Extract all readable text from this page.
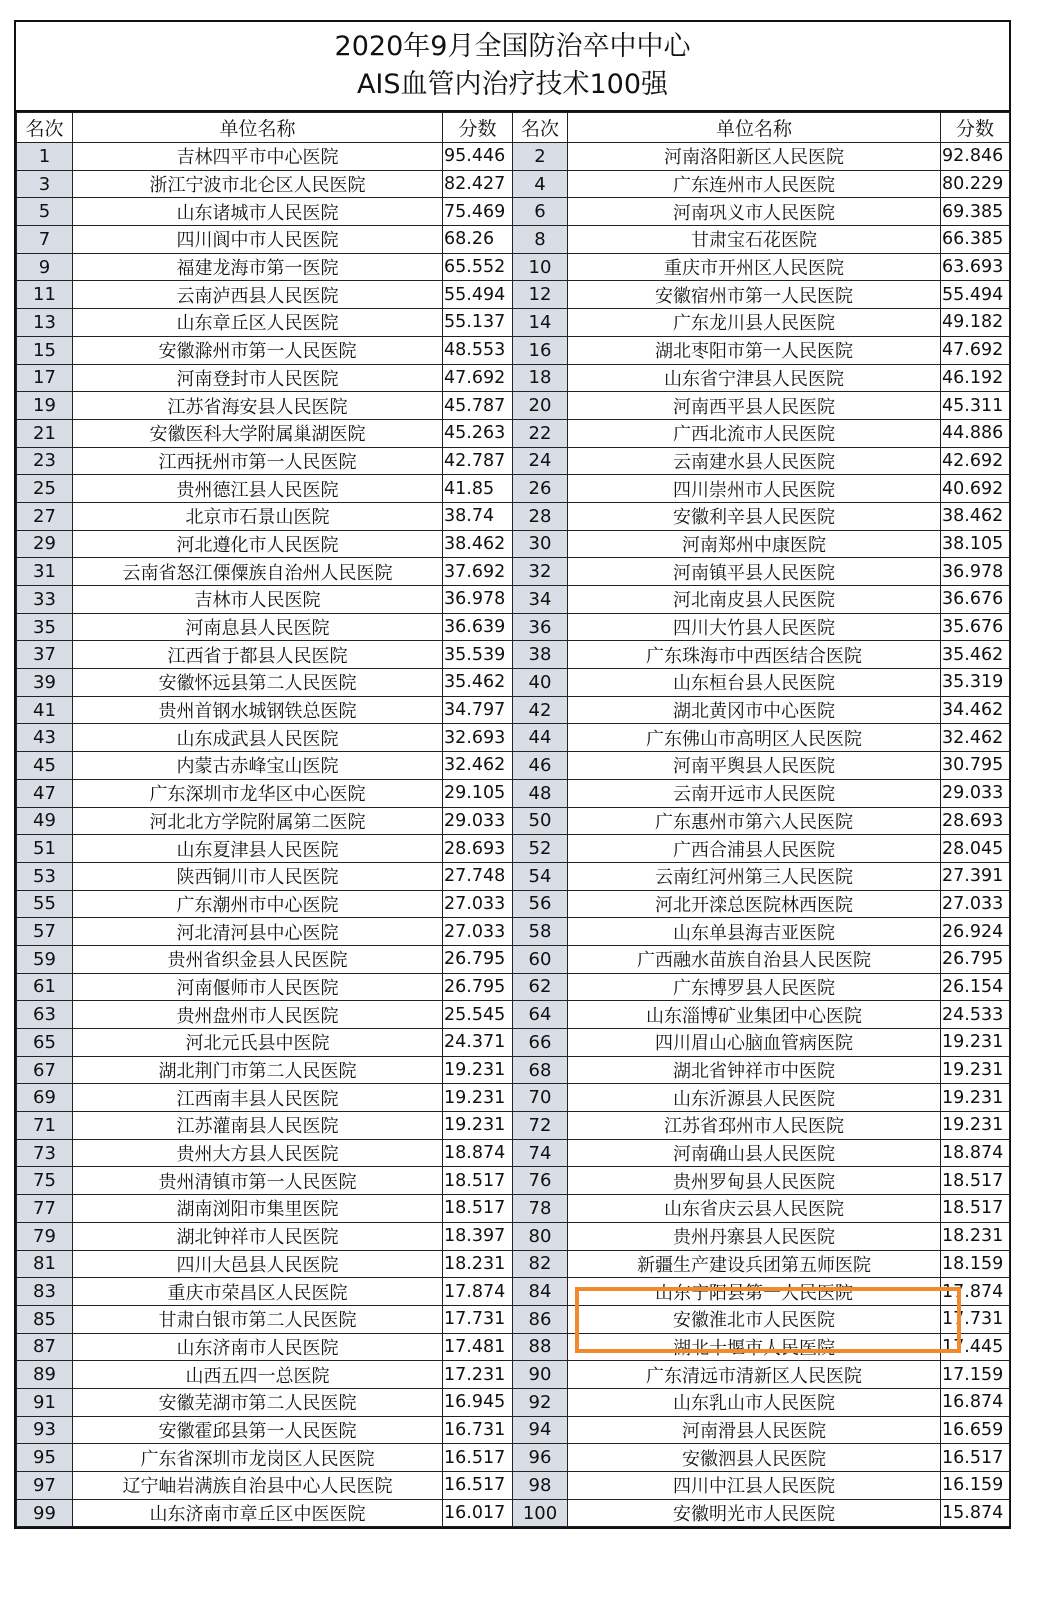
2020年9月全国防治卒中中心
AIS血管内治疗技术100强
名次	单位名称	分数	名次	单位名称	分数
1	吉林四平市中心医院	95.446	2	河南洛阳新区人民医院	92.846
3	浙江宁波市北仑区人民医院	82.427	4	广东连州市人民医院	80.229
5	山东诸城市人民医院	75.469	6	河南巩义市人民医院	69.385
7	四川阆中市人民医院	68.26	8	甘肃宝石花医院	66.385
9	福建龙海市第一医院	65.552	10	重庆市开州区人民医院	63.693
11	云南泸西县人民医院	55.494	12	安徽宿州市第一人民医院	55.494
13	山东章丘区人民医院	55.137	14	广东龙川县人民医院	49.182
15	安徽滁州市第一人民医院	48.553	16	湖北枣阳市第一人民医院	47.692
17	河南登封市人民医院	47.692	18	山东省宁津县人民医院	46.192
19	江苏省海安县人民医院	45.787	20	河南西平县人民医院	45.311
21	安徽医科大学附属巢湖医院	45.263	22	广西北流市人民医院	44.886
23	江西抚州市第一人民医院	42.787	24	云南建水县人民医院	42.692
25	贵州德江县人民医院	41.85	26	四川崇州市人民医院	40.692
27	北京市石景山医院	38.74	28	安徽利辛县人民医院	38.462
29	河北遵化市人民医院	38.462	30	河南郑州中康医院	38.105
31	云南省怒江傈僳族自治州人民医院	37.692	32	河南镇平县人民医院	36.978
33	吉林市人民医院	36.978	34	河北南皮县人民医院	36.676
35	河南息县人民医院	36.639	36	四川大竹县人民医院	35.676
37	江西省于都县人民医院	35.539	38	广东珠海市中西医结合医院	35.462
39	安徽怀远县第二人民医院	35.462	40	山东桓台县人民医院	35.319
41	贵州首钢水城钢铁总医院	34.797	42	湖北黄冈市中心医院	34.462
43	山东成武县人民医院	32.693	44	广东佛山市高明区人民医院	32.462
45	内蒙古赤峰宝山医院	32.462	46	河南平舆县人民医院	30.795
47	广东深圳市龙华区中心医院	29.105	48	云南开远市人民医院	29.033
49	河北北方学院附属第二医院	29.033	50	广东惠州市第六人民医院	28.693
51	山东夏津县人民医院	28.693	52	广西合浦县人民医院	28.045
53	陕西铜川市人民医院	27.748	54	云南红河州第三人民医院	27.391
55	广东潮州市中心医院	27.033	56	河北开滦总医院林西医院	27.033
57	河北清河县中心医院	27.033	58	山东单县海吉亚医院	26.924
59	贵州省织金县人民医院	26.795	60	广西融水苗族自治县人民医院	26.795
61	河南偃师市人民医院	26.795	62	广东博罗县人民医院	26.154
63	贵州盘州市人民医院	25.545	64	山东淄博矿业集团中心医院	24.533
65	河北元氏县中医院	24.371	66	四川眉山心脑血管病医院	19.231
67	湖北荆门市第二人民医院	19.231	68	湖北省钟祥市中医院	19.231
69	江西南丰县人民医院	19.231	70	山东沂源县人民医院	19.231
71	江苏灌南县人民医院	19.231	72	江苏省邳州市人民医院	19.231
73	贵州大方县人民医院	18.874	74	河南确山县人民医院	18.874
75	贵州清镇市第一人民医院	18.517	76	贵州罗甸县人民医院	18.517
77	湖南浏阳市集里医院	18.517	78	山东省庆云县人民医院	18.517
79	湖北钟祥市人民医院	18.397	80	贵州丹寨县人民医院	18.231
81	四川大邑县人民医院	18.231	82	新疆生产建设兵团第五师医院	18.159
83	重庆市荣昌区人民医院	17.874	84	山东宁阳县第一人民医院	17.874
85	甘肃白银市第二人民医院	17.731	86	安徽淮北市人民医院	17.731
87	山东济南市人民医院	17.481	88	湖北十堰市人民医院	17.445
89	山西五四一总医院	17.231	90	广东清远市清新区人民医院	17.159
91	安徽芜湖市第二人民医院	16.945	92	山东乳山市人民医院	16.874
93	安徽霍邱县第一人民医院	16.731	94	河南滑县人民医院	16.659
95	广东省深圳市龙岗区人民医院	16.517	96	安徽泗县人民医院	16.517
97	辽宁岫岩满族自治县中心人民医院	16.517	98	四川中江县人民医院	16.159
99	山东济南市章丘区中医医院	16.017	100	安徽明光市人民医院	15.874
